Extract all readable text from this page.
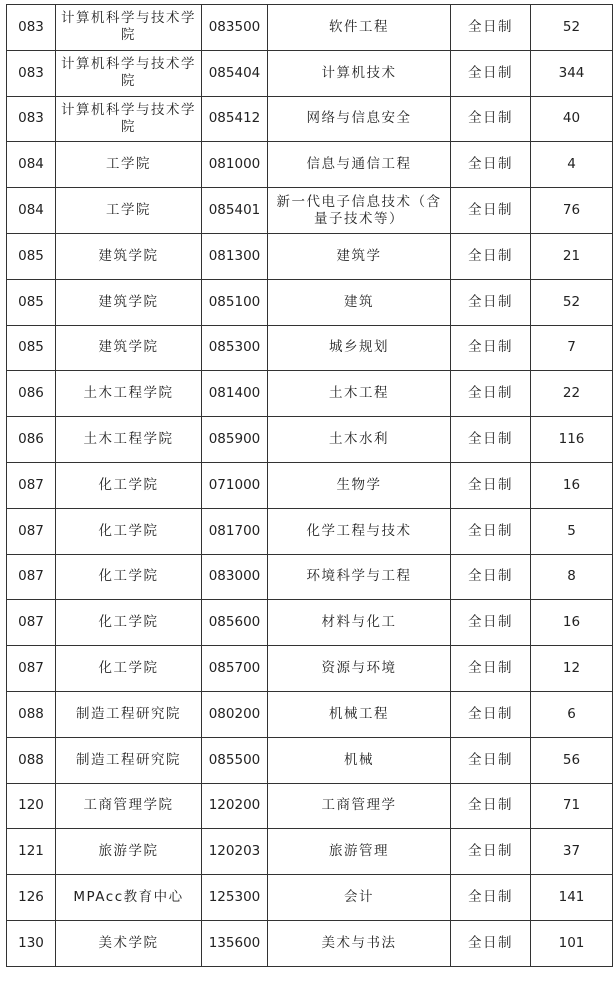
083	计算机科学与技术学院	083500	软件工程	全日制	52
083	计算机科学与技术学院	085404	计算机技术	全日制	344
083	计算机科学与技术学院	085412	网络与信息安全	全日制	40
084	工学院	081000	信息与通信工程	全日制	4
084	工学院	085401	新一代电子信息技术（含量子技术等）	全日制	76
085	建筑学院	081300	建筑学	全日制	21
085	建筑学院	085100	建筑	全日制	52
085	建筑学院	085300	城乡规划	全日制	7
086	土木工程学院	081400	土木工程	全日制	22
086	土木工程学院	085900	土木水利	全日制	116
087	化工学院	071000	生物学	全日制	16
087	化工学院	081700	化学工程与技术	全日制	5
087	化工学院	083000	环境科学与工程	全日制	8
087	化工学院	085600	材料与化工	全日制	16
087	化工学院	085700	资源与环境	全日制	12
088	制造工程研究院	080200	机械工程	全日制	6
088	制造工程研究院	085500	机械	全日制	56
120	工商管理学院	120200	工商管理学	全日制	71
121	旅游学院	120203	旅游管理	全日制	37
126	MPAcc教育中心	125300	会计	全日制	141
130	美术学院	135600	美术与书法	全日制	101
